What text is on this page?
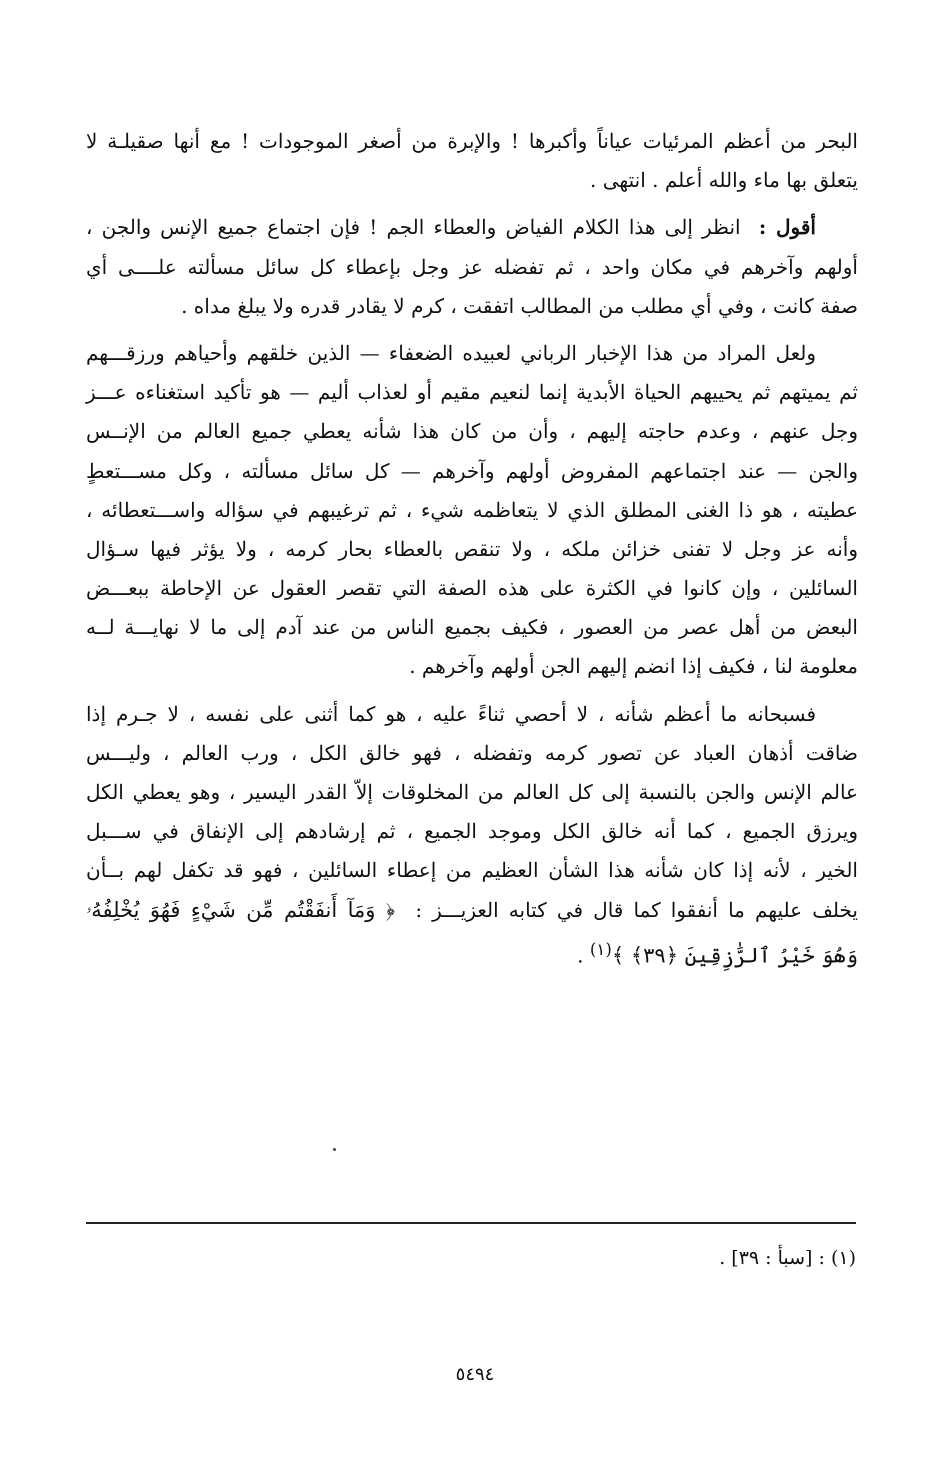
البحر من أعظم المرئيات عياناً وأكبرها ! والإبرة من أصغر الموجودات ! مع أنها صقيلـة لا
يتعلق بها ماء والله أعلم . انتهى .
أقول :  انظر إلى هذا الكلام الفياض والعطاء الجم ! فإن اجتماع جميع الإنس والجن ،
أولهم وآخرهم في مكان واحد ، ثم تفضله عز وجل بإعطاء كل سائل مسألته علــــى أي
صفة كانت ، وفي أي مطلب من المطالب اتفقت ، كرم لا يقادر قدره ولا يبلغ مداه .
ولعل المراد من هذا الإخبار الرباني لعبيده الضعفاء — الذين خلقهم وأحياهم ورزقـــهم
ثم يميتهم ثم يحييهم الحياة الأبدية إنما لنعيم مقيم أو لعذاب أليم — هو تأكيد استغناءه عـــز
وجل عنهم ، وعدم حاجته إليهم ، وأن من كان هذا شأنه يعطي جميع العالم من الإنــس
والجن — عند اجتماعهم المفروض أولهم وآخرهم — كل سائل مسألته ، وكل مســـتعطٍ
عطيته ، هو ذا الغنى المطلق الذي لا يتعاظمه شيء ، ثم ترغيبهم في سؤاله واســـتعطائه ،
وأنه عز وجل لا تفنى خزائن ملكه ، ولا تنقص بالعطاء بحار كرمه ، ولا يؤثر فيها سـؤال
السائلين ، وإن كانوا في الكثرة على هذه الصفة التي تقصر العقول عن الإحاطة ببعـــض
البعض من أهل عصر من العصور ، فكيف بجميع الناس من عند آدم إلى ما لا نهايـــة لــه
معلومة لنا ، فكيف إذا انضم إليهم الجن أولهم وآخرهم .
فسبحانه ما أعظم شأنه ، لا أحصي ثناءً عليه ، هو كما أثنى على نفسه ، لا جـرم إذا
ضاقت أذهان العباد عن تصور كرمه وتفضله ، فهو خالق الكل ، ورب العالم ، وليـــس
عالم الإنس والجن بالنسبة إلى كل العالم من المخلوقات إلاّ القدر اليسير ، وهو يعطي الكل
ويرزق الجميع ، كما أنه خالق الكل وموجد الجميع ، ثم إرشادهم إلى الإنفاق في ســـبل
الخير ، لأنه إذا كان شأنه هذا الشأن العظيم من إعطاء السائلين ، فهو قد تكفل لهم بــأن
يخلف عليهم ما أنفقوا كما قال في كتابه العزيـــز :  ﴿ وَمَآ أَنفَقْتُم مِّن شَيْءٍ فَهُوَ يُخْلِفُهُۥ
وَهُوَ خَيْرُ ٱلرَّٰزِقِينَ ﴿٣٩﴾ ﴾$^{(١)}$ .
(١) : [سبأ : ٣٩] .
٥٤٩٤
